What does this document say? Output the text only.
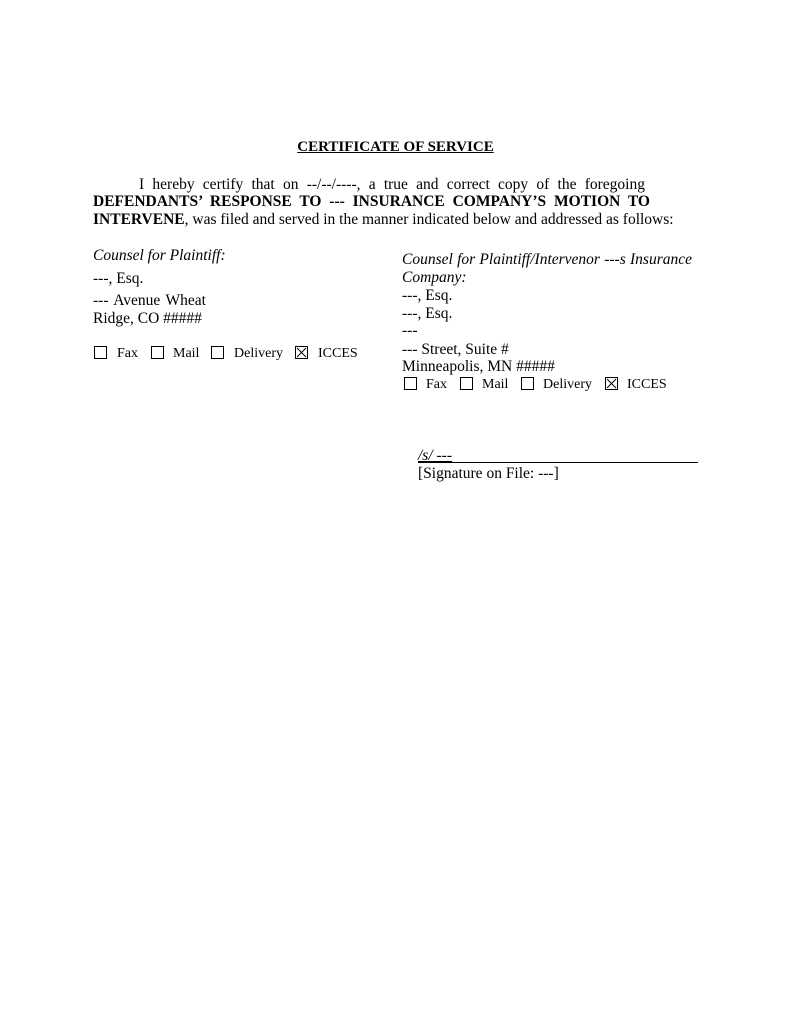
CERTIFICATE OF SERVICE
I hereby certify that on --/--/----, a true and correct copy of the foregoing
DEFENDANTS’ RESPONSE TO --- INSURANCE COMPANY’S MOTION TO
INTERVENE, was filed and served in the manner indicated below and addressed as follows:
Counsel for Plaintiff:
---, Esq.
--- Avenue Wheat
Ridge, CO #####
Fax	Mail Delivery	ICCES
Counsel for Plaintiff/Intervenor ---s Insurance
Company:
---, Esq.
---, Esq.
---
--- Street, Suite #
Minneapolis, MN #####
Fax	Mail Delivery	ICCES
/s/ ---
[Signature on File: ---]
